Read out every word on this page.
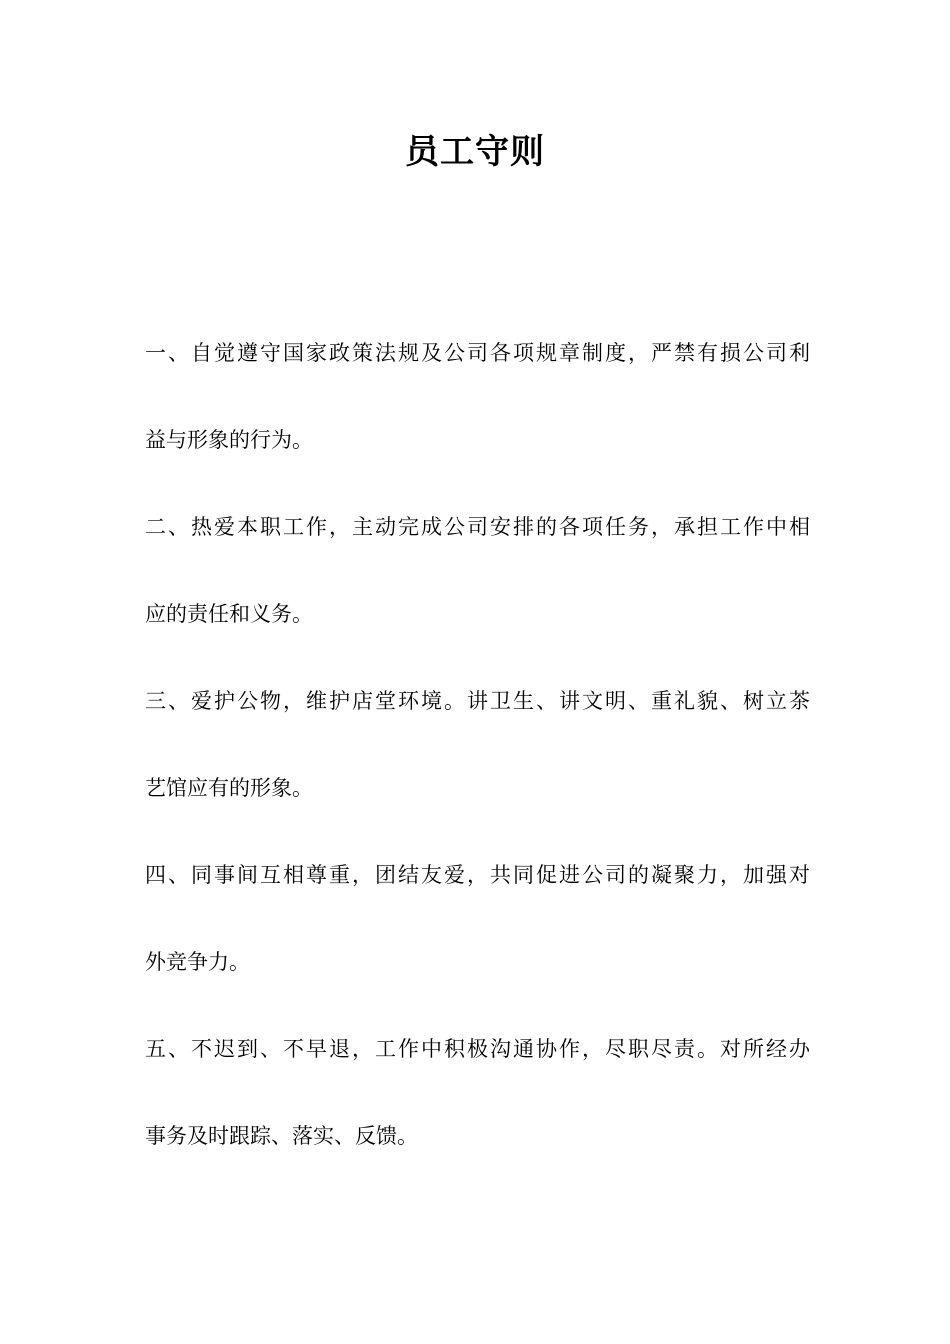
员工守则
一、自觉遵守国家政策法规及公司各项规章制度，严禁有损公司利
益与形象的行为。
二、热爱本职工作，主动完成公司安排的各项任务，承担工作中相
应的责任和义务。
三、爱护公物，维护店堂环境。讲卫生、讲文明、重礼貌、树立茶
艺馆应有的形象。
四、同事间互相尊重，团结友爱，共同促进公司的凝聚力，加强对
外竞争力。
五、不迟到、不早退，工作中积极沟通协作，尽职尽责。对所经办
事务及时跟踪、落实、反馈。
